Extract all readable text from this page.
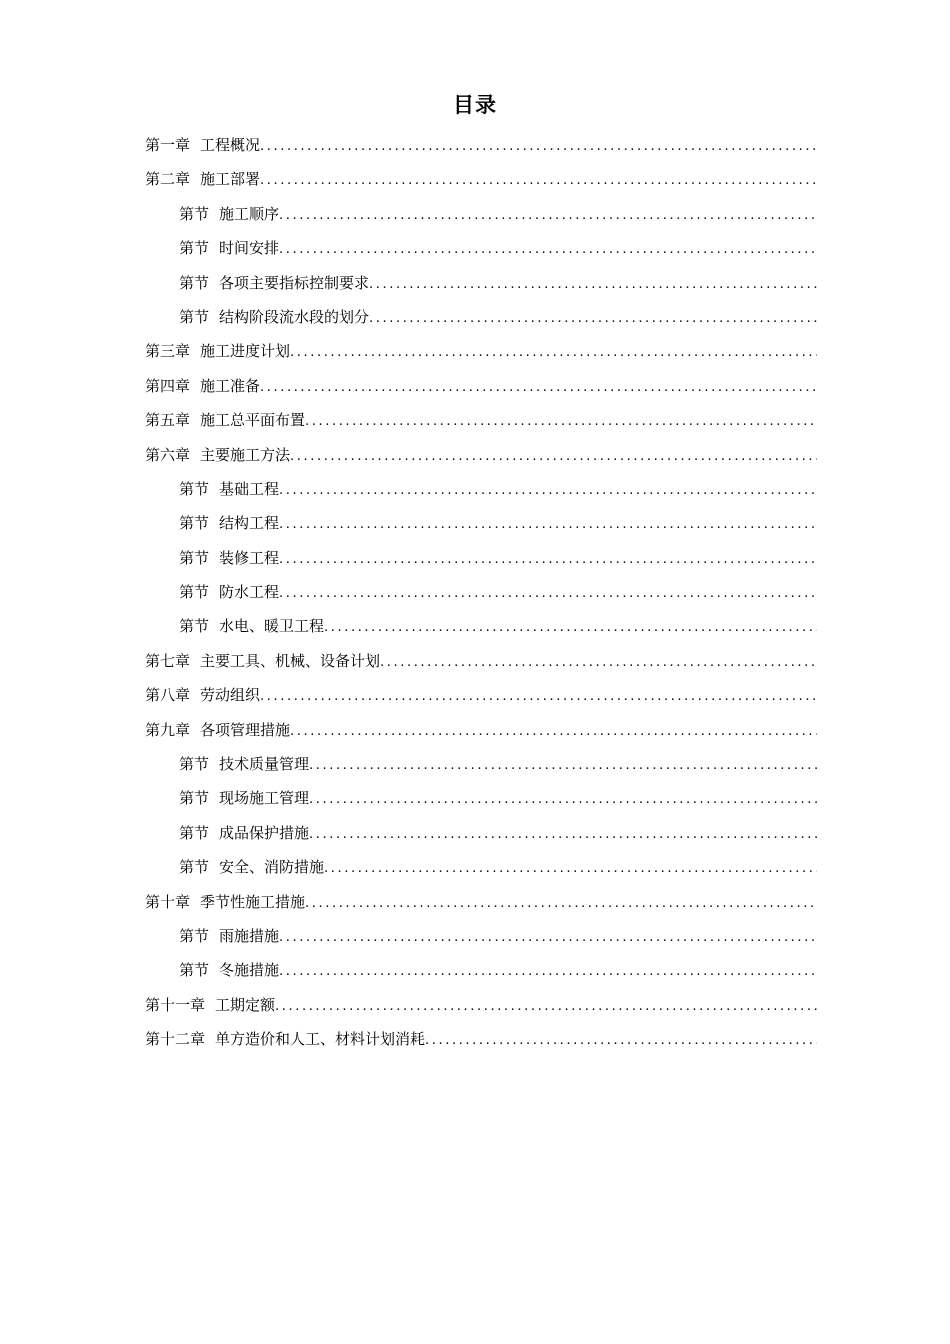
目录
第一章 工程概况
.....
第二章 施工部署
.....
第节 施工顺序
.....
第节 时间安排
.....
第节 各项主要指标控制要求
.....
第节 结构阶段流水段的划分
.....
第三章 施工进度计划
.....
第四章 施工准备
.....
第五章 施工总平面布置
.....
第六章 主要施工方法
.....
第节 基础工程
.....
第节 结构工程
.....
第节 装修工程
.....
第节 防水工程
.....
第节 水电、暖卫工程
.....
第七章 主要工具、机械、设备计划
.....
第八章 劳动组织
.....
第九章 各项管理措施
.....
第节 技术质量管理
.....
第节 现场施工管理
.....
第节 成品保护措施
.....
第节 安全、消防措施
.....
第十章 季节性施工措施
.....
第节 雨施措施
.....
第节 冬施措施
.....
第十一章 工期定额
.....
第十二章 单方造价和人工、材料计划消耗
.....
